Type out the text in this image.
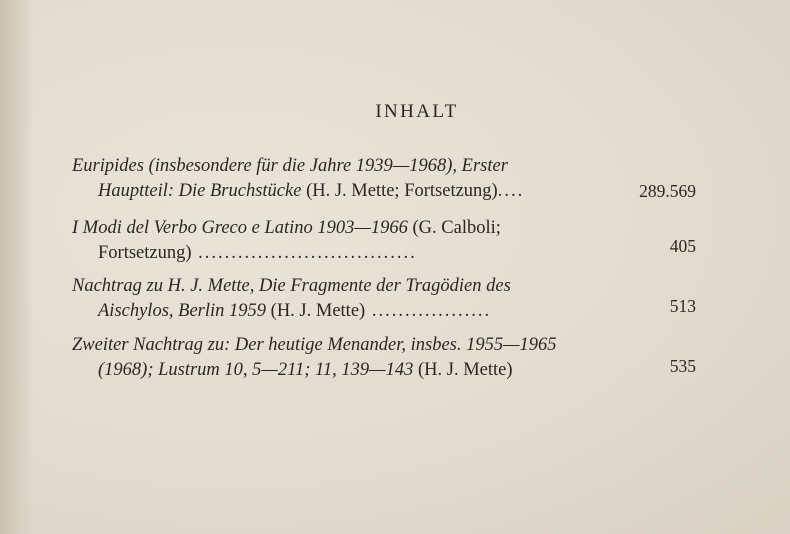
INHALT
Euripides (insbesondere für die Jahre 1939—1968), Erster
Hauptteil: Die Bruchstücke (H. J. Mette; Fortsetzung)....	289.569
I Modi del Verbo Greco e Latino 1903—1966 (G. Calboli;
Fortsetzung) .................................	405
Nachtrag zu H. J. Mette, Die Fragmente der Tragödien des
Aischylos, Berlin 1959 (H. J. Mette) ..................	513
Zweiter Nachtrag zu: Der heutige Menander, insbes. 1955—1965
(1968); Lustrum 10, 5—211; 11, 139—143 (H. J. Mette)	535
